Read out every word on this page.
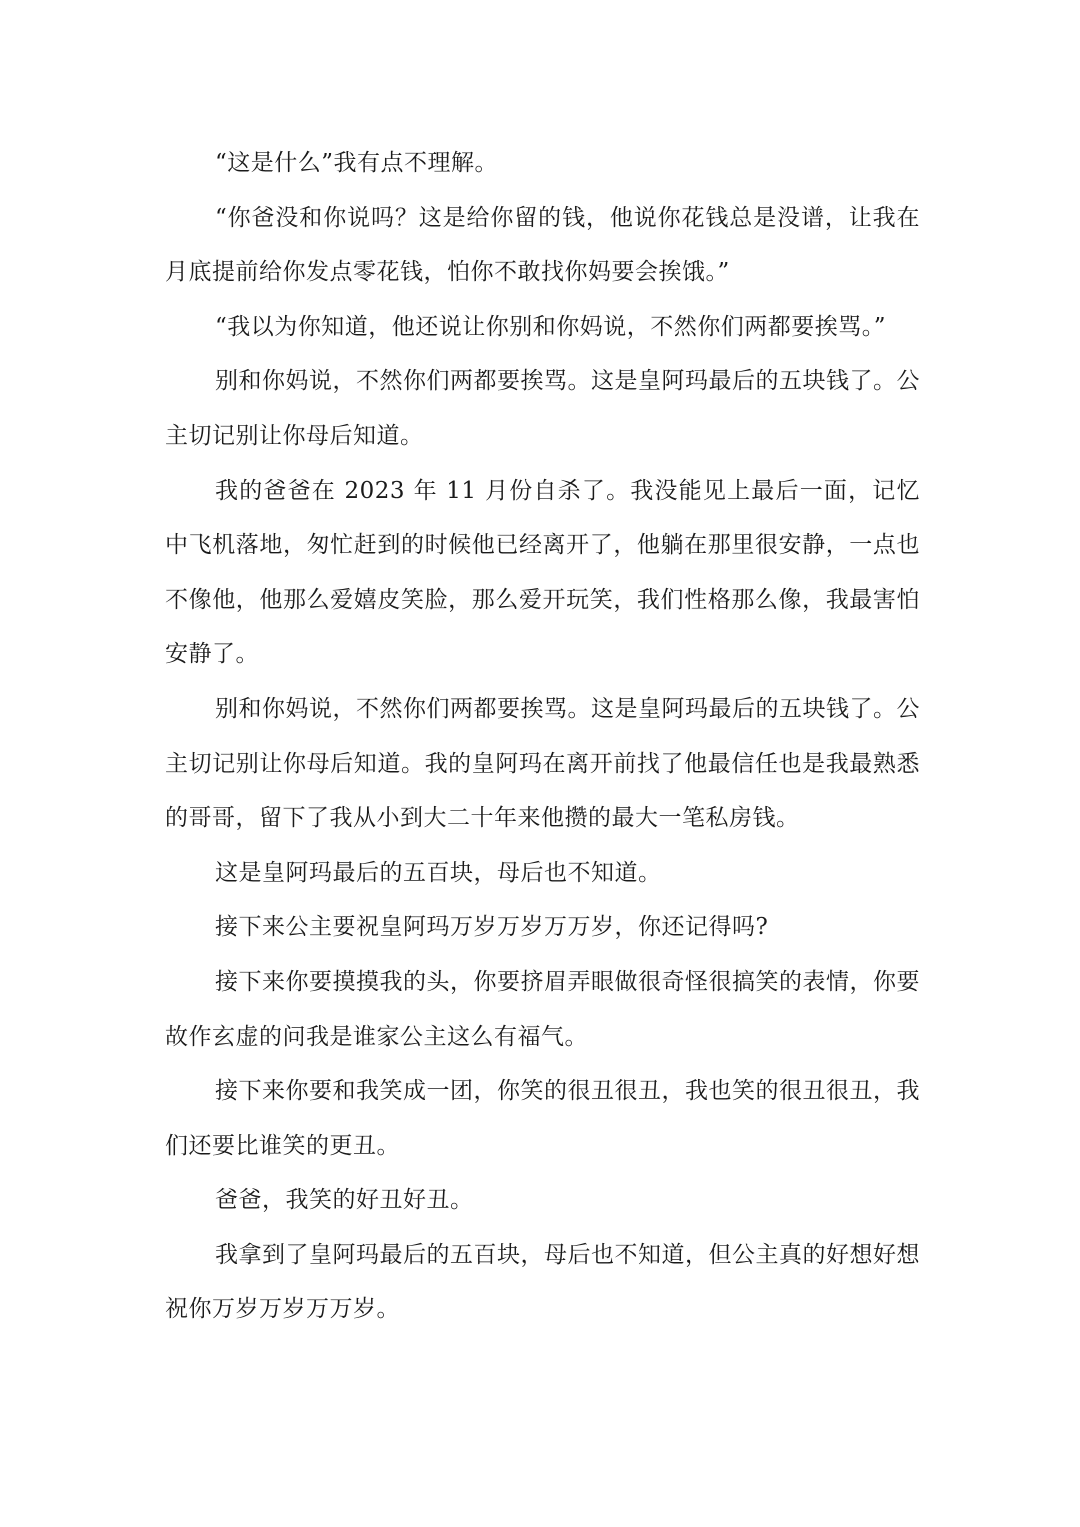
“这是什么”我有点不理解。

“你爸没和你说吗？这是给你留的钱，他说你花钱总是没谱，让我在月底提前给你发点零花钱，怕你不敢找你妈要会挨饿。”

“我以为你知道，他还说让你别和你妈说，不然你们两都要挨骂。”

别和你妈说，不然你们两都要挨骂。这是皇阿玛最后的五块钱了。公主切记别让你母后知道。

我的爸爸在 2023 年 11 月份自杀了。我没能见上最后一面，记忆中飞机落地，匆忙赶到的时候他已经离开了，他躺在那里很安静，一点也不像他，他那么爱嬉皮笑脸，那么爱开玩笑，我们性格那么像，我最害怕安静了。

别和你妈说，不然你们两都要挨骂。这是皇阿玛最后的五块钱了。公主切记别让你母后知道。我的皇阿玛在离开前找了他最信任也是我最熟悉的哥哥，留下了我从小到大二十年来他攒的最大一笔私房钱。

这是皇阿玛最后的五百块，母后也不知道。

接下来公主要祝皇阿玛万岁万岁万万岁，你还记得吗?

接下来你要摸摸我的头，你要挤眉弄眼做很奇怪很搞笑的表情，你要故作玄虚的问我是谁家公主这么有福气。

接下来你要和我笑成一团，你笑的很丑很丑，我也笑的很丑很丑，我们还要比谁笑的更丑。

爸爸，我笑的好丑好丑。

我拿到了皇阿玛最后的五百块，母后也不知道，但公主真的好想好想祝你万岁万岁万万岁。
